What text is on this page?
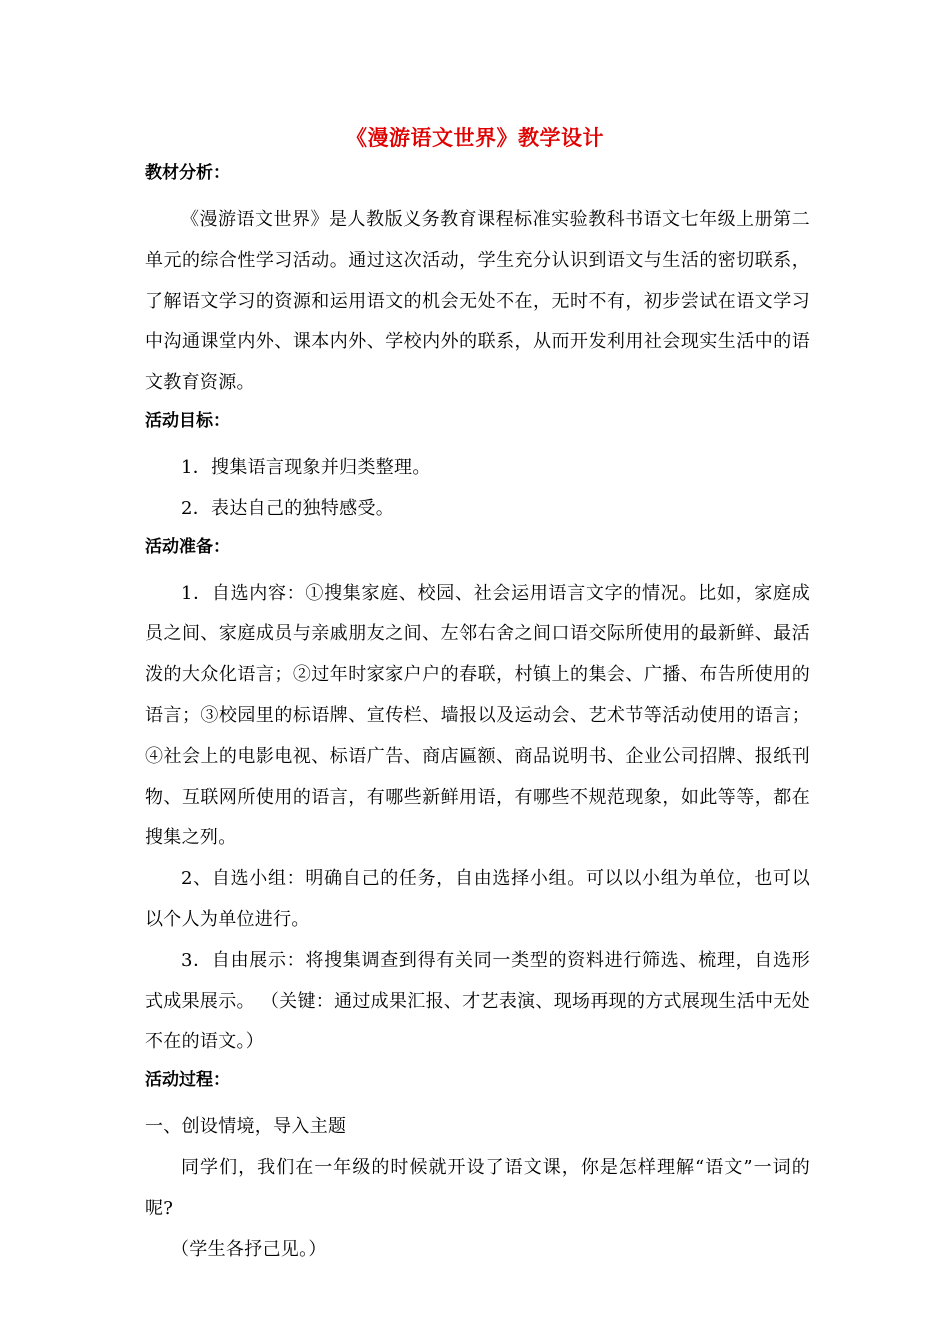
《漫游语文世界》教学设计
教材分析：
《漫游语文世界》是人教版义务教育课程标准实验教科书语文七年级上册第二单元的综合性学习活动。通过这次活动，学生充分认识到语文与生活的密切联系，了解语文学习的资源和运用语文的机会无处不在，无时不有，初步尝试在语文学习中沟通课堂内外、课本内外、学校内外的联系，从而开发利用社会现实生活中的语文教育资源。
活动目标：
1．搜集语言现象并归类整理。
2．表达自己的独特感受。
活动准备：
1．自选内容：①搜集家庭、校园、社会运用语言文字的情况。比如，家庭成员之间、家庭成员与亲戚朋友之间、左邻右舍之间口语交际所使用的最新鲜、最活泼的大众化语言；②过年时家家户户的春联，村镇上的集会、广播、布告所使用的语言；③校园里的标语牌、宣传栏、墙报以及运动会、艺术节等活动使用的语言；④社会上的电影电视、标语广告、商店匾额、商品说明书、企业公司招牌、报纸刊物、互联网所使用的语言，有哪些新鲜用语，有哪些不规范现象，如此等等，都在搜集之列。
2、自选小组：明确自己的任务，自由选择小组。可以以小组为单位，也可以以个人为单位进行。
3．自由展示：将搜集调查到得有关同一类型的资料进行筛选、梳理，自选形式成果展示。 （关键：通过成果汇报、才艺表演、现场再现的方式展现生活中无处不在的语文。）
活动过程：
一、创设情境，导入主题
同学们，我们在一年级的时候就开设了语文课，你是怎样理解“语文”一词的呢?
（学生各抒己见。）
